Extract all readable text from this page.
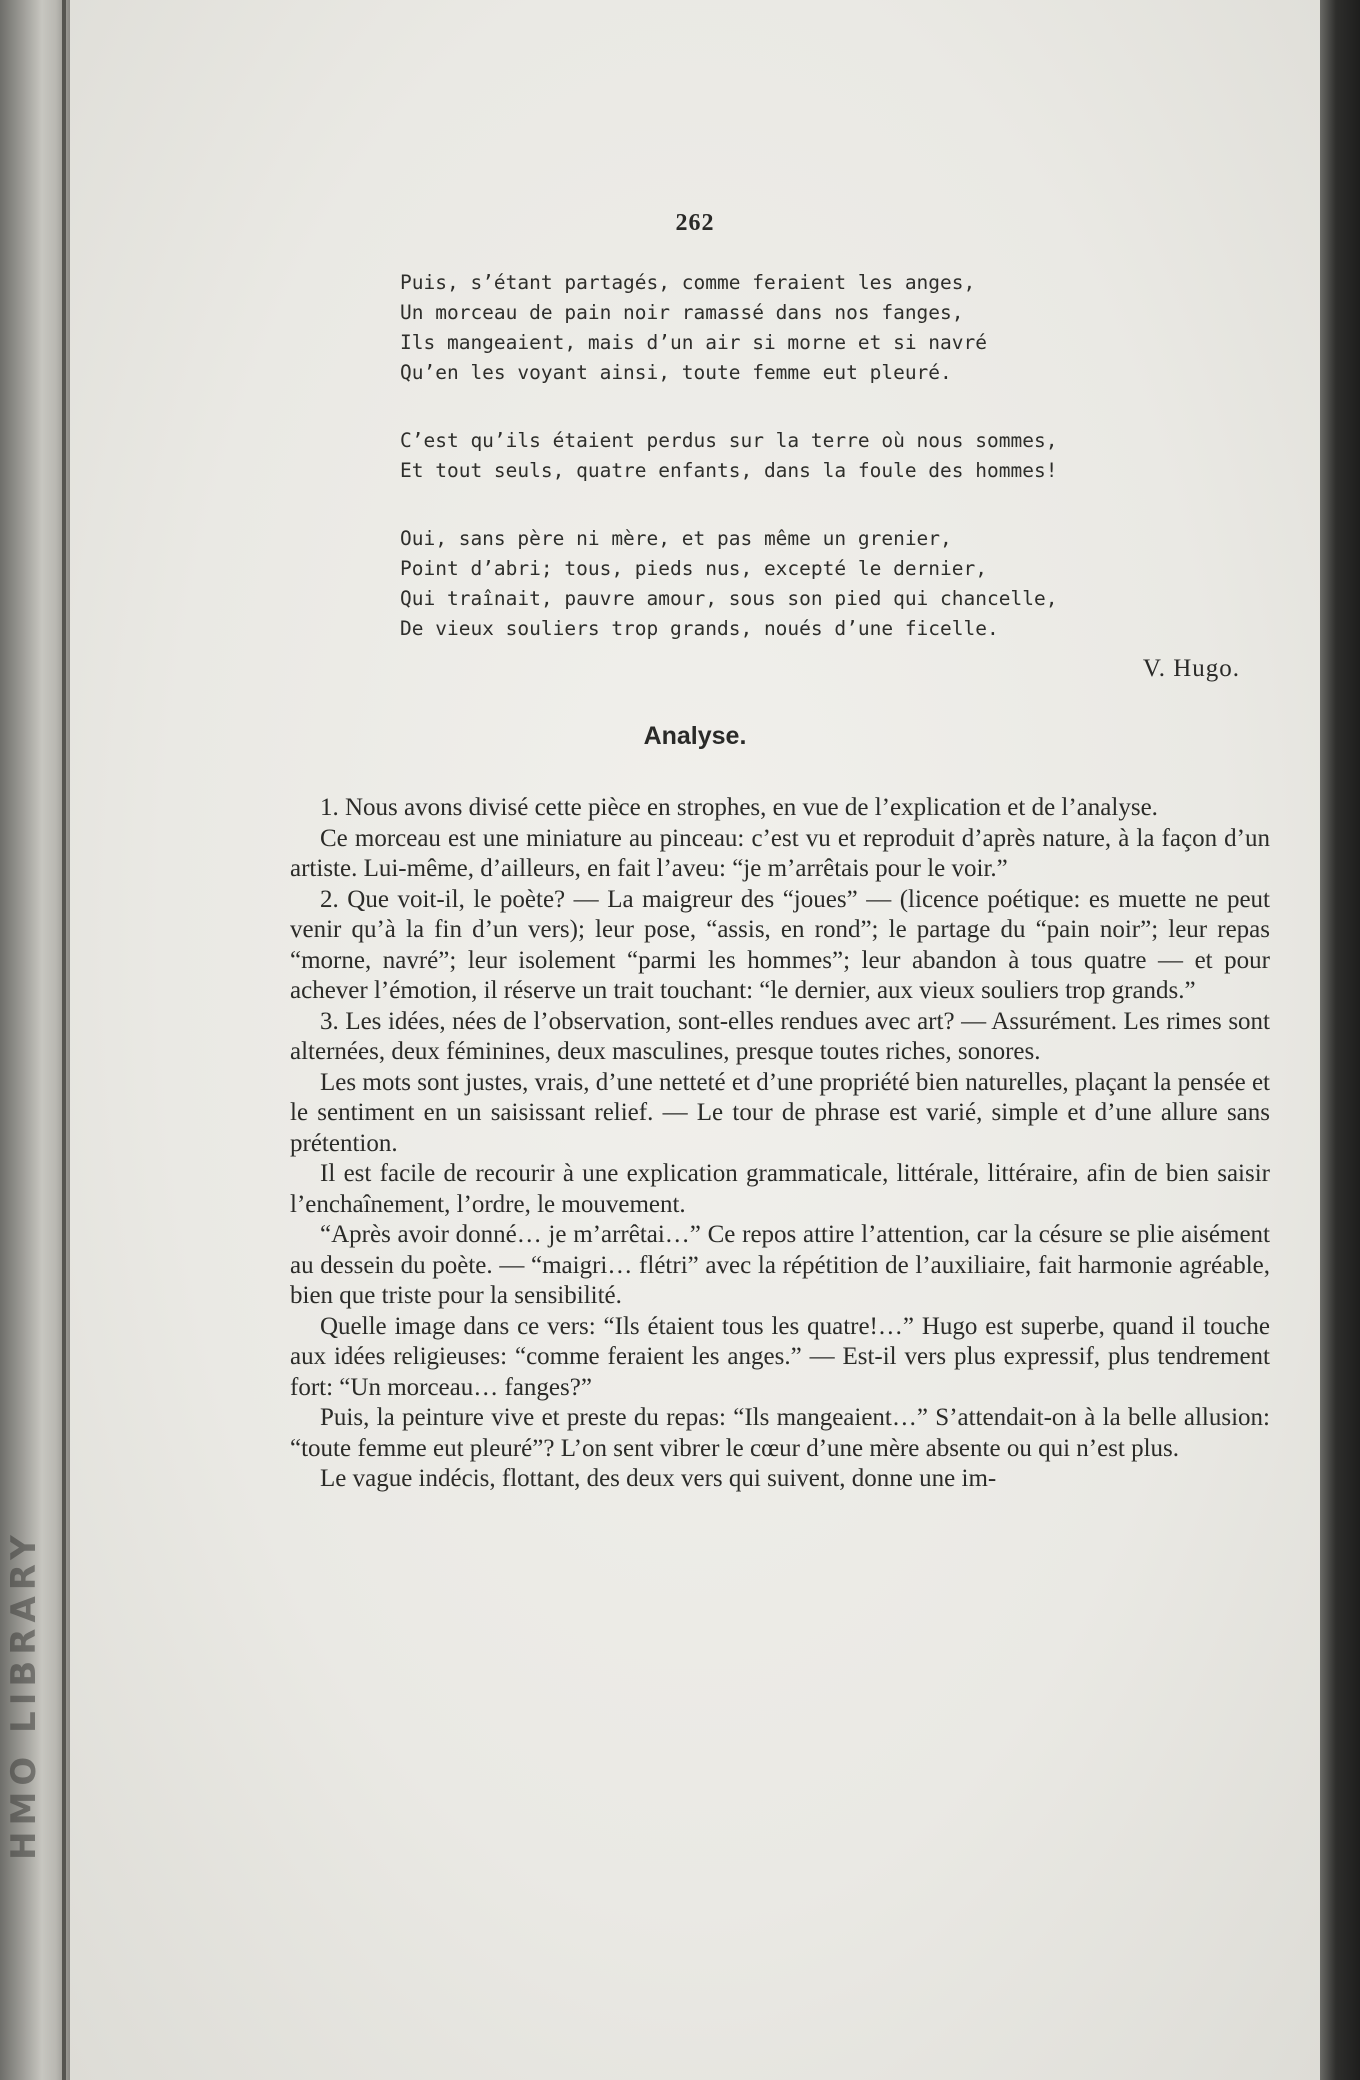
HMO LIBRARY
262
Puis, s’étant partagés, comme feraient les anges,
Un morceau de pain noir ramassé dans nos fanges,
Ils mangeaient, mais d’un air si morne et si navré
Qu’en les voyant ainsi, toute femme eut pleuré.
C’est qu’ils étaient perdus sur la terre où nous sommes,
Et tout seuls, quatre enfants, dans la foule des hommes!
Oui, sans père ni mère, et pas même un grenier,
Point d’abri; tous, pieds nus, excepté le dernier,
Qui traînait, pauvre amour, sous son pied qui chancelle,
De vieux souliers trop grands, noués d’une ficelle.
V. Hugo.
Analyse.

1. Nous avons divisé cette pièce en strophes, en vue de l’explication et de l’analyse.

Ce morceau est une miniature au pinceau: c’est vu et reproduit d’après nature, à la façon d’un artiste. Lui-même, d’ailleurs, en fait l’aveu: “je m’arrêtais pour le voir.”

2. Que voit-il, le poète? — La maigreur des “joues” — (licence poétique: es muette ne peut venir qu’à la fin d’un vers); leur pose, “assis, en rond”; le partage du “pain noir”; leur repas “morne, navré”; leur isolement “parmi les hommes”; leur abandon à tous quatre — et pour achever l’émotion, il réserve un trait touchant: “le dernier, aux vieux souliers trop grands.”

3. Les idées, nées de l’observation, sont-elles rendues avec art? — Assurément. Les rimes sont alternées, deux féminines, deux masculines, presque toutes riches, sonores.

Les mots sont justes, vrais, d’une netteté et d’une propriété bien naturelles, plaçant la pensée et le sentiment en un saisissant relief. — Le tour de phrase est varié, simple et d’une allure sans prétention.

Il est facile de recourir à une explication grammaticale, littérale, littéraire, afin de bien saisir l’enchaînement, l’ordre, le mouvement.

“Après avoir donné… je m’arrêtai…” Ce repos attire l’attention, car la césure se plie aisément au dessein du poète. — “maigri… flétri” avec la répétition de l’auxiliaire, fait harmonie agréable, bien que triste pour la sensibilité.

Quelle image dans ce vers: “Ils étaient tous les quatre!…” Hugo est superbe, quand il touche aux idées religieuses: “comme feraient les anges.” — Est-il vers plus expressif, plus tendrement fort: “Un morceau… fanges?”

Puis, la peinture vive et preste du repas: “Ils mangeaient…” S’attendait-on à la belle allusion: “toute femme eut pleuré”? L’on sent vibrer le cœur d’une mère absente ou qui n’est plus.

Le vague indécis, flottant, des deux vers qui suivent, donne une im-
